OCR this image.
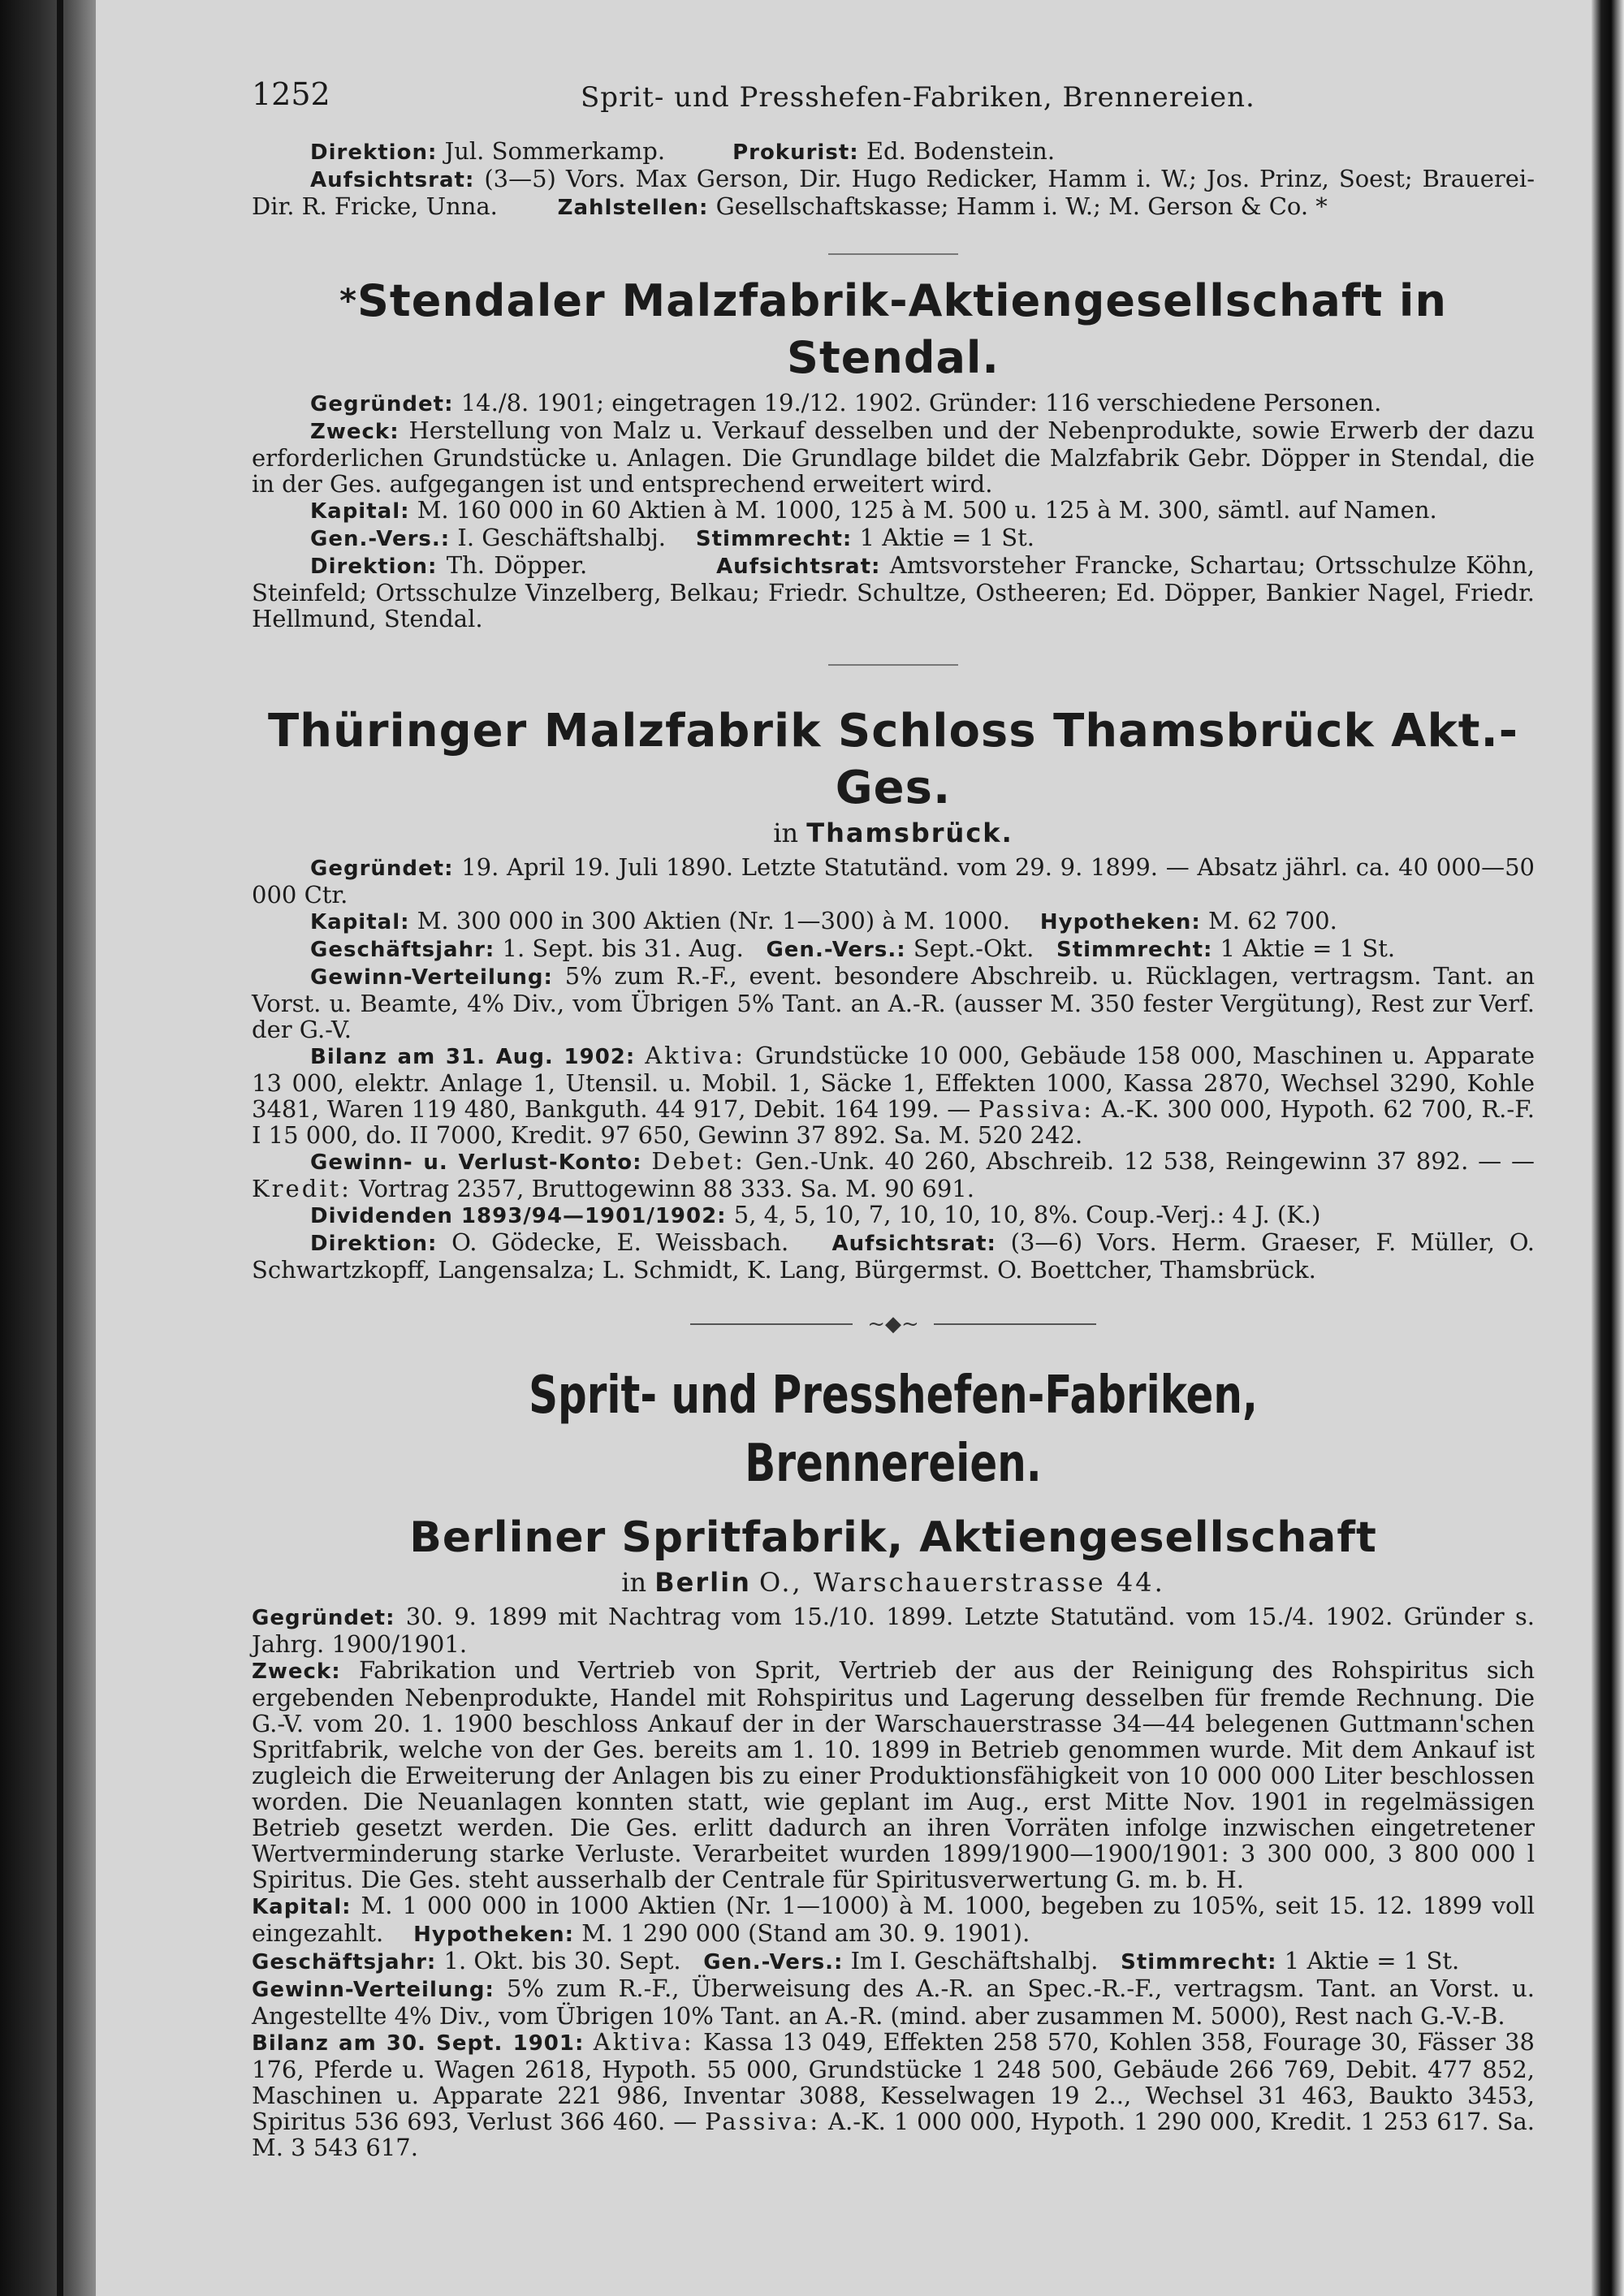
1252	Sprit- und Presshefen-Fabriken, Brennereien.

Direktion: Jul. Sommerkamp.	Prokurist: Ed. Bodenstein.

Aufsichtsrat: (3—5) Vors. Max Gerson, Dir. Hugo Redicker, Hamm i. W.; Jos. Prinz, Soest; Brauerei-Dir. R. Fricke, Unna.	Zahlstellen: Gesellschaftskasse; Hamm i. W.; M. Gerson & Co. *

*Stendaler Malzfabrik-Aktiengesellschaft in Stendal.

Gegründet: 14./8. 1901; eingetragen 19./12. 1902. Gründer: 116 verschiedene Personen.

Zweck: Herstellung von Malz u. Verkauf desselben und der Nebenprodukte, sowie Erwerb der dazu erforderlichen Grundstücke u. Anlagen. Die Grundlage bildet die Malzfabrik Gebr. Döpper in Stendal, die in der Ges. aufgegangen ist und entsprechend erweitert wird.

Kapital: M. 160 000 in 60 Aktien à M. 1000, 125 à M. 500 u. 125 à M. 300, sämtl. auf Namen.

Gen.-Vers.: I. Geschäftshalbj. Stimmrecht: 1 Aktie = 1 St.

Direktion: Th. Döpper.	Aufsichtsrat: Amtsvorsteher Francke, Schartau; Ortsschulze Köhn, Steinfeld; Ortsschulze Vinzelberg, Belkau; Friedr. Schultze, Ostheeren; Ed. Döpper, Bankier Nagel, Friedr. Hellmund, Stendal.

Thüringer Malzfabrik Schloss Thamsbrück Akt.-Ges.
in Thamsbrück.

Gegründet: 19. April 19. Juli 1890. Letzte Statutänd. vom 29. 9. 1899. — Absatz jährl. ca. 40 000—50 000 Ctr.

Kapital: M. 300 000 in 300 Aktien (Nr. 1—300) à M. 1000. Hypotheken: M. 62 700.

Geschäftsjahr: 1. Sept. bis 31. Aug. Gen.-Vers.: Sept.-Okt. Stimmrecht: 1 Aktie = 1 St.

Gewinn-Verteilung: 5% zum R.-F., event. besondere Abschreib. u. Rücklagen, vertragsm. Tant. an Vorst. u. Beamte, 4% Div., vom Übrigen 5% Tant. an A.-R. (ausser M. 350 fester Vergütung), Rest zur Verf. der G.-V.

Bilanz am 31. Aug. 1902: Aktiva: Grundstücke 10 000, Gebäude 158 000, Maschinen u. Apparate 13 000, elektr. Anlage 1, Utensil. u. Mobil. 1, Säcke 1, Effekten 1000, Kassa 2870, Wechsel 3290, Kohle 3481, Waren 119 480, Bankguth. 44 917, Debit. 164 199. — Passiva: A.-K. 300 000, Hypoth. 62 700, R.-F. I 15 000, do. II 7000, Kredit. 97 650, Gewinn 37 892. Sa. M. 520 242.

Gewinn- u. Verlust-Konto: Debet: Gen.-Unk. 40 260, Abschreib. 12 538, Reingewinn 37 892. — — Kredit: Vortrag 2357, Bruttogewinn 88 333. Sa. M. 90 691.

Dividenden 1893/94—1901/1902: 5, 4, 5, 10, 7, 10, 10, 10, 8%. Coup.-Verj.: 4 J. (K.)

Direktion: O. Gödecke, E. Weissbach. Aufsichtsrat: (3—6) Vors. Herm. Graeser, F. Müller, O. Schwartzkopff, Langensalza; L. Schmidt, K. Lang, Bürgermst. O. Boettcher, Thamsbrück.

~◆~
Sprit- und Presshefen-Fabriken, Brennereien.
Berliner Spritfabrik, Aktiengesellschaft
in Berlin O., Warschauerstrasse 44.

Gegründet: 30. 9. 1899 mit Nachtrag vom 15./10. 1899. Letzte Statutänd. vom 15./4. 1902. Gründer s. Jahrg. 1900/1901.

Zweck: Fabrikation und Vertrieb von Sprit, Vertrieb der aus der Reinigung des Rohspiritus sich ergebenden Nebenprodukte, Handel mit Rohspiritus und Lagerung desselben für fremde Rechnung. Die G.-V. vom 20. 1. 1900 beschloss Ankauf der in der Warschauerstrasse 34—44 belegenen Guttmann'schen Spritfabrik, welche von der Ges. bereits am 1. 10. 1899 in Betrieb genommen wurde. Mit dem Ankauf ist zugleich die Erweiterung der Anlagen bis zu einer Produktionsfähigkeit von 10 000 000 Liter beschlossen worden. Die Neuanlagen konnten statt, wie geplant im Aug., erst Mitte Nov. 1901 in regelmässigen Betrieb gesetzt werden. Die Ges. erlitt dadurch an ihren Vorräten infolge inzwischen eingetretener Wertverminderung starke Verluste. Verarbeitet wurden 1899/1900—1900/1901: 3 300 000, 3 800 000 l Spiritus. Die Ges. steht ausserhalb der Centrale für Spiritusverwertung G. m. b. H.

Kapital: M. 1 000 000 in 1000 Aktien (Nr. 1—1000) à M. 1000, begeben zu 105%, seit 15. 12. 1899 voll eingezahlt. Hypotheken: M. 1 290 000 (Stand am 30. 9. 1901).

Geschäftsjahr: 1. Okt. bis 30. Sept. Gen.-Vers.: Im I. Geschäftshalbj. Stimmrecht: 1 Aktie = 1 St.

Gewinn-Verteilung: 5% zum R.-F., Überweisung des A.-R. an Spec.-R.-F., vertragsm. Tant. an Vorst. u. Angestellte 4% Div., vom Übrigen 10% Tant. an A.-R. (mind. aber zusammen M. 5000), Rest nach G.-V.-B.

Bilanz am 30. Sept. 1901: Aktiva: Kassa 13 049, Effekten 258 570, Kohlen 358, Fourage 30, Fässer 38 176, Pferde u. Wagen 2618, Hypoth. 55 000, Grundstücke 1 248 500, Gebäude 266 769, Debit. 477 852, Maschinen u. Apparate 221 986, Inventar 3088, Kesselwagen 19 2.., Wechsel 31 463, Baukto 3453, Spiritus 536 693, Verlust 366 460. — Passiva: A.-K. 1 000 000, Hypoth. 1 290 000, Kredit. 1 253 617. Sa. M. 3 543 617.
